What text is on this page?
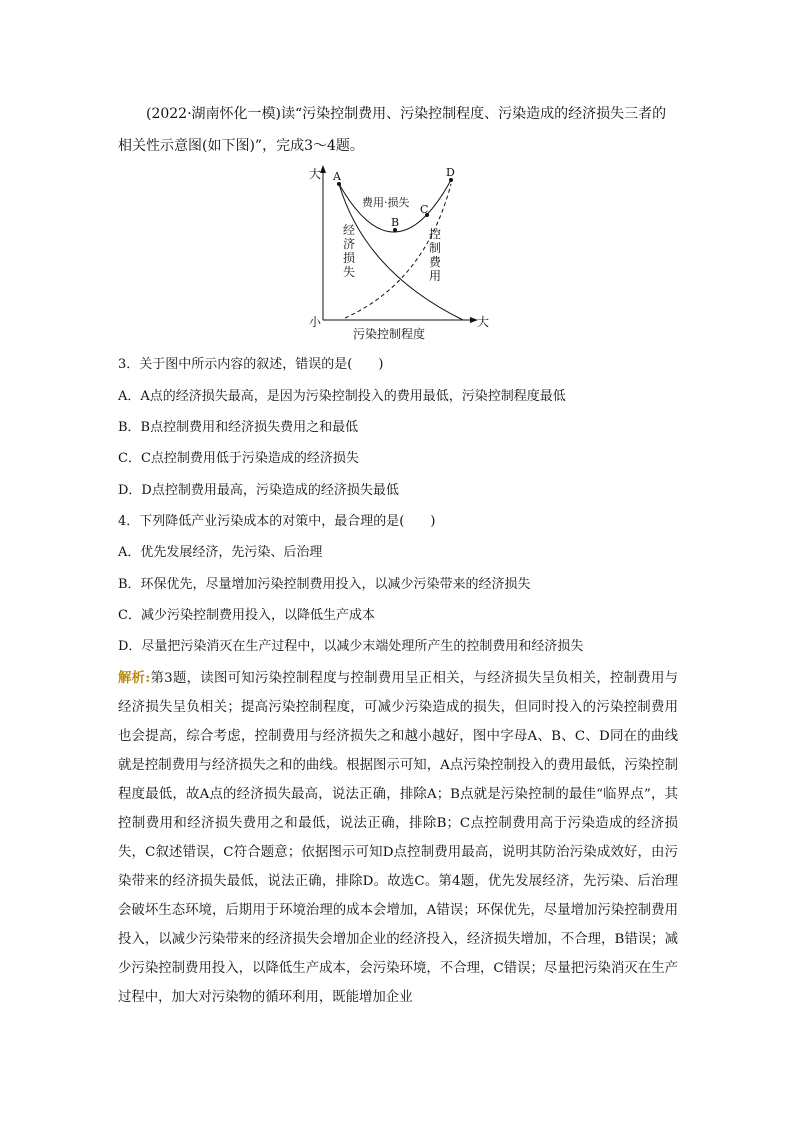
(2022·湖南怀化一模)读“污染控制费用、污染控制程度、污染造成的经济损失三者的相关性示意图(如下图)”，完成3～4题。

大
小	大
污染控制程度
A
B
C
D
费用·损失
经
济
损
失
控
制
费
用

3．关于图中所示内容的叙述，错误的是(　　)

A．A点的经济损失最高，是因为污染控制投入的费用最低，污染控制程度最低

B．B点控制费用和经济损失费用之和最低

C．C点控制费用低于污染造成的经济损失

D．D点控制费用最高，污染造成的经济损失最低

4．下列降低产业污染成本的对策中，最合理的是(　　)

A．优先发展经济，先污染、后治理

B．环保优先，尽量增加污染控制费用投入，以减少污染带来的经济损失

C．减少污染控制费用投入，以降低生产成本

D．尽量把污染消灭在生产过程中，以减少末端处理所产生的控制费用和经济损失

解析:第3题，读图可知污染控制程度与控制费用呈正相关，与经济损失呈负相关，控制费用与经济损失呈负相关；提高污染控制程度，可减少污染造成的损失，但同时投入的污染控制费用也会提高，综合考虑，控制费用与经济损失之和越小越好，图中字母A、B、C、D同在的曲线就是控制费用与经济损失之和的曲线。根据图示可知，A点污染控制投入的费用最低，污染控制程度最低，故A点的经济损失最高，说法正确，排除A；B点就是污染控制的最佳“临界点”，其控制费用和经济损失费用之和最低，说法正确，排除B；C点控制费用高于污染造成的经济损失，C叙述错误，C符合题意；依据图示可知D点控制费用最高，说明其防治污染成效好，由污染带来的经济损失最低，说法正确，排除D。故选C。第4题，优先发展经济，先污染、后治理会破坏生态环境，后期用于环境治理的成本会增加，A错误；环保优先，尽量增加污染控制费用投入，以减少污染带来的经济损失会增加企业的经济投入，经济损失增加，不合理，B错误；减少污染控制费用投入，以降低生产成本，会污染环境，不合理，C错误；尽量把污染消灭在生产过程中，加大对污染物的循环利用，既能增加企业
